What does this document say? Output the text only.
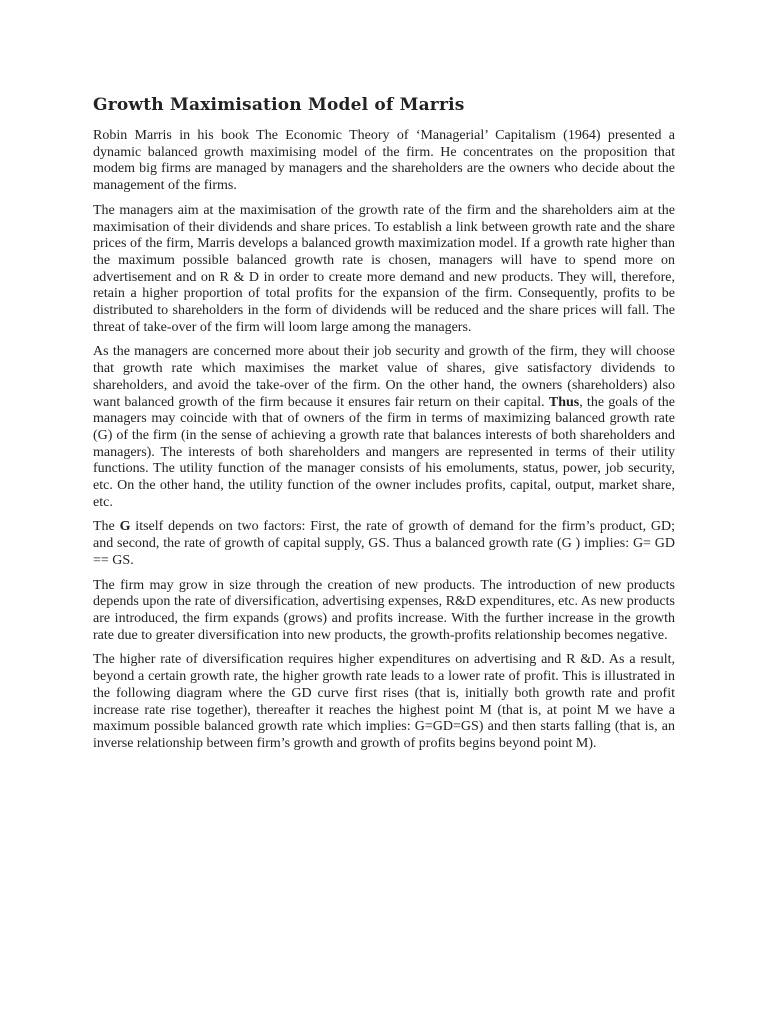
Growth Maximisation Model of Marris

Robin Marris in his book The Economic Theory of ‘Managerial’ Capitalism (1964) presented a dynamic balanced growth maximising model of the firm. He concentrates on the proposition that modem big firms are managed by managers and the shareholders are the owners who decide about the management of the firms.

The managers aim at the maximisation of the growth rate of the firm and the shareholders aim at the maximisation of their dividends and share prices. To establish a link between growth rate and the share prices of the firm, Marris develops a balanced growth maximization model. If a growth rate higher than the maximum possible balanced growth rate is chosen, managers will have to spend more on advertisement and on R & D in order to create more demand and new products. They will, therefore, retain a higher proportion of total profits for the expansion of the firm. Consequently, profits to be distributed to shareholders in the form of dividends will be reduced and the share prices will fall. The threat of take-over of the firm will loom large among the managers.

As the managers are concerned more about their job security and growth of the firm, they will choose that growth rate which maximises the market value of shares, give satisfactory dividends to shareholders, and avoid the take-over of the firm. On the other hand, the owners (shareholders) also want balanced growth of the firm because it ensures fair return on their capital. Thus, the goals of the managers may coincide with that of owners of the firm in terms of maximizing balanced growth rate (G) of the firm (in the sense of achieving a growth rate that balances interests of both shareholders and managers). The interests of both shareholders and mangers are represented in terms of their utility functions. The utility function of the manager consists of his emoluments, status, power, job security, etc. On the other hand, the utility function of the owner includes profits, capital, output, market share, etc.

The G itself depends on two factors: First, the rate of growth of demand for the firm’s product, GD; and second, the rate of growth of capital supply, GS. Thus a balanced growth rate (G ) implies: G= GD == GS.

The firm may grow in size through the creation of new products. The introduction of new products depends upon the rate of diversification, advertising expenses, R&D expenditures, etc. As new products are introduced, the firm expands (grows) and profits increase. With the further increase in the growth rate due to greater diversification into new products, the growth-profits relationship becomes negative.

The higher rate of diversification requires higher expenditures on advertising and R &D. As a result, beyond a certain growth rate, the higher growth rate leads to a lower rate of profit. This is illustrated in the following diagram where the GD curve first rises (that is, initially both growth rate and profit increase rate rise together), thereafter it reaches the highest point M (that is, at point M we have a maximum possible balanced growth rate which implies: G=GD=GS) and then starts falling (that is, an inverse relationship between firm’s growth and growth of profits begins beyond point M).
